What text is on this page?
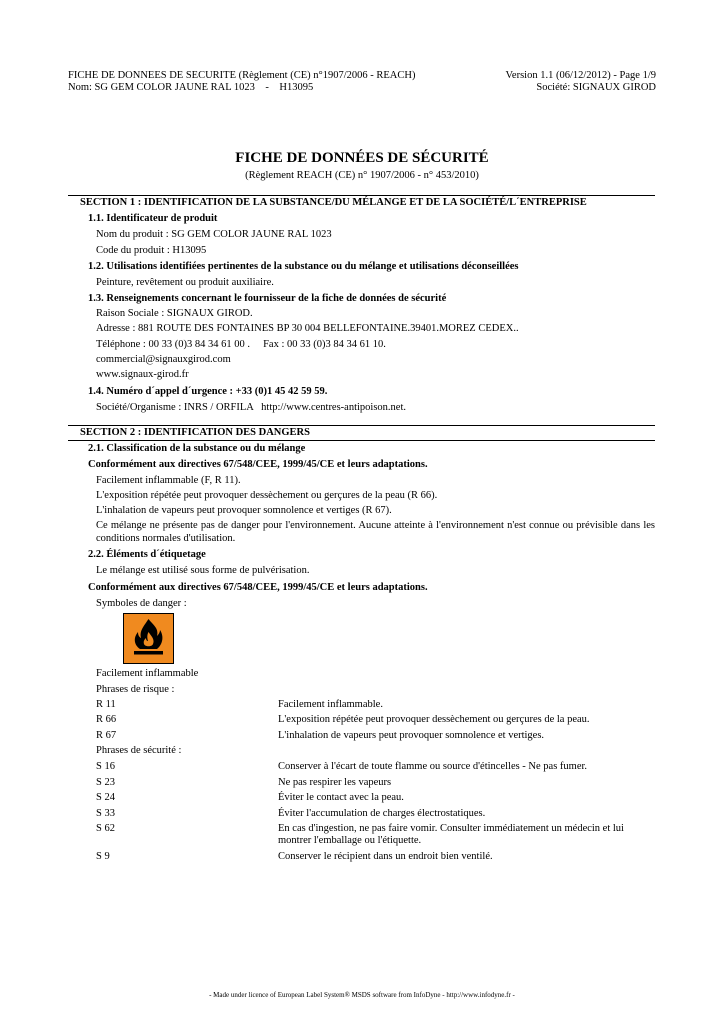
FICHE DE DONNEES DE SECURITE (Règlement (CE) n°1907/2006 - REACH)	Version 1.1 (06/12/2012) - Page 1/9
Nom: SG GEM COLOR JAUNE RAL 1023    -    H13095	Société: SIGNAUX GIROD
FICHE DE DONNÉES DE SÉCURITÉ
(Règlement REACH (CE) n° 1907/2006 - n° 453/2010)
SECTION 1 : IDENTIFICATION DE LA SUBSTANCE/DU MÉLANGE ET DE LA SOCIÉTÉ/L´ENTREPRISE
1.1. Identificateur de produit
Nom du produit : SG GEM COLOR JAUNE RAL 1023
Code du produit : H13095
1.2. Utilisations identifiées pertinentes de la substance ou du mélange et utilisations déconseillées
Peinture, revêtement ou produit auxiliaire.
1.3. Renseignements concernant le fournisseur de la fiche de données de sécurité
Raison Sociale : SIGNAUX GIROD.
Adresse : 881 ROUTE DES FONTAINES BP 30 004 BELLEFONTAINE.39401.MOREZ CEDEX..
Téléphone : 00 33 (0)3 84 34 61 00 .     Fax : 00 33 (0)3 84 34 61 10.
commercial@signauxgirod.com
www.signaux-girod.fr
1.4. Numéro d´appel d´urgence : +33 (0)1 45 42 59 59.
Société/Organisme : INRS / ORFILA   http://www.centres-antipoison.net.
SECTION 2 : IDENTIFICATION DES DANGERS
2.1. Classification de la substance ou du mélange
Conformément aux directives 67/548/CEE, 1999/45/CE et leurs adaptations.
Facilement inflammable (F, R 11).
L'exposition répétée peut provoquer dessèchement ou gerçures de la peau (R 66).
L'inhalation de vapeurs peut provoquer somnolence et vertiges (R 67).
Ce mélange ne présente pas de danger pour l'environnement. Aucune atteinte à l'environnement n'est connue ou prévisible dans les conditions normales d'utilisation.
2.2. Éléments d´étiquetage
Le mélange est utilisé sous forme de pulvérisation.
Conformément aux directives 67/548/CEE, 1999/45/CE et leurs adaptations.
Symboles de danger :
Facilement inflammable
Phrases de risque :
R 11	Facilement inflammable.
R 66	L'exposition répétée peut provoquer dessèchement ou gerçures de la peau.
R 67	L'inhalation de vapeurs peut provoquer somnolence et vertiges.
Phrases de sécurité :
S 16	Conserver à l'écart de toute flamme ou source d'étincelles - Ne pas fumer.
S 23	Ne pas respirer les vapeurs
S 24	Éviter le contact avec la peau.
S 33	Éviter l'accumulation de charges électrostatiques.
S 62	En cas d'ingestion, ne pas faire vomir. Consulter immédiatement un médecin et lui montrer l'emballage ou l'étiquette.
S 9	Conserver le récipient dans un endroit bien ventilé.
- Made under licence of European Label System® MSDS software from InfoDyne - http://www.infodyne.fr -
